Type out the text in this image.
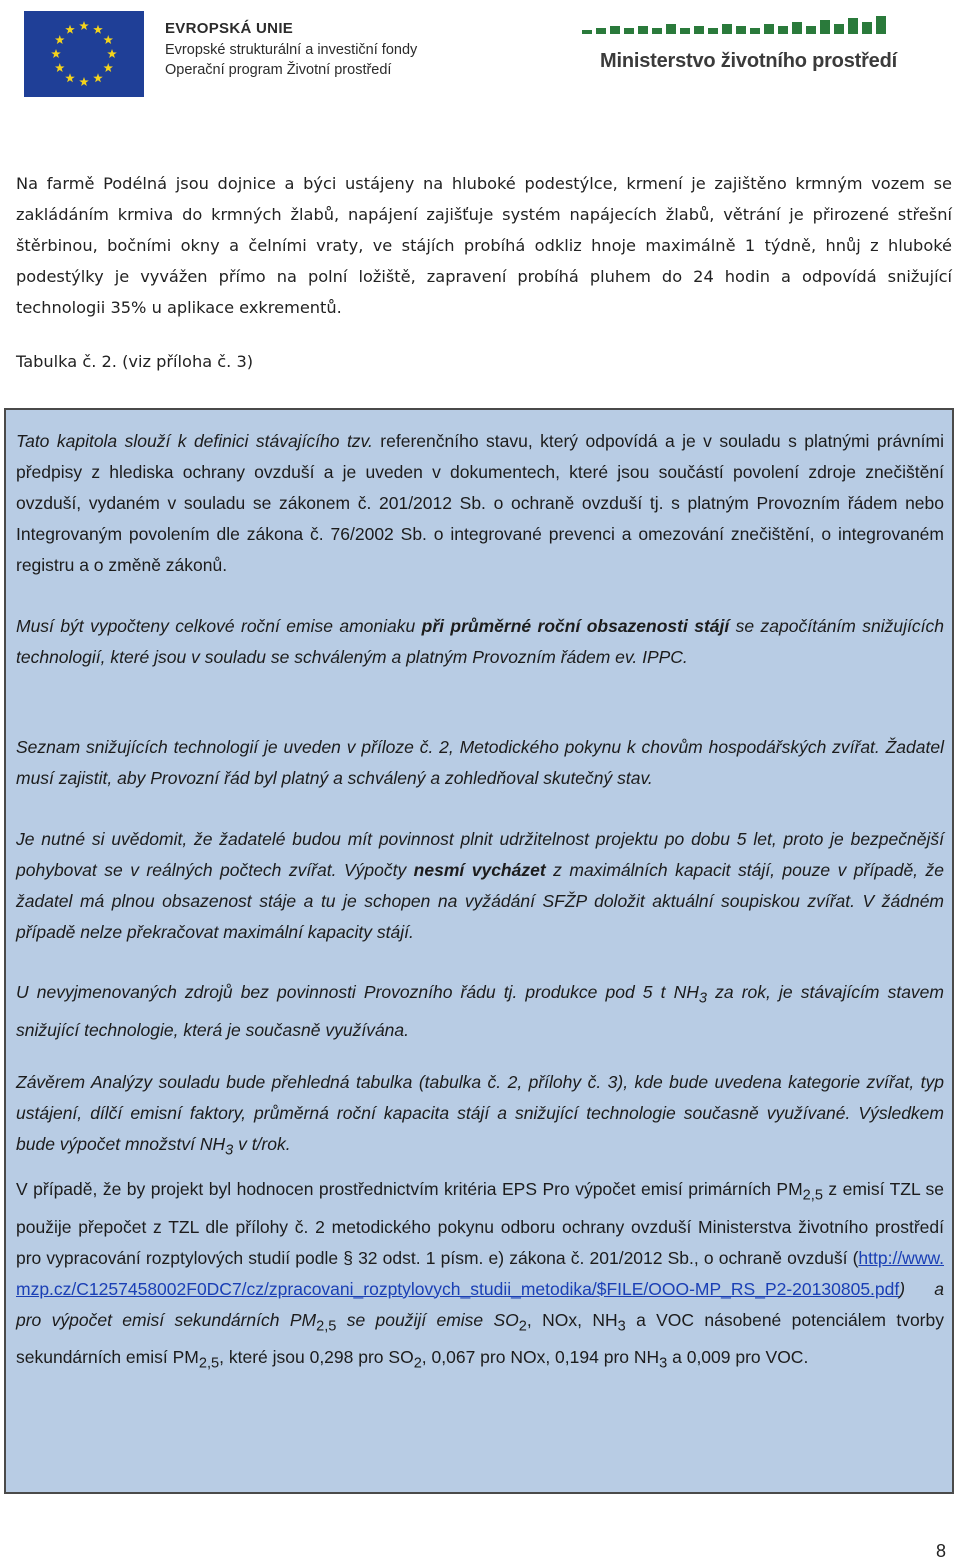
EVROPSKÁ UNIE
Evropské strukturální a investiční fondy
Operační program Životní prostředí	Ministerstvo životního prostředí

Na farmě Podélná jsou dojnice a býci ustájeny na hluboké podestýlce, krmení je zajištěno krmným vozem se zakládáním krmiva do krmných žlabů, napájení zajišťuje systém napájecích žlabů, větrání je přirozené střešní štěrbinou, bočními okny a čelními vraty, ve stájích probíhá odkliz hnoje maximálně 1 týdně, hnůj z hluboké podestýlky je vyvážen přímo na polní ložiště, zapravení probíhá pluhem do 24 hodin a odpovídá snižující technologii 35% u aplikace exkrementů.

Tabulka č. 2. (viz příloha č. 3)

Tato kapitola slouží k definici stávajícího tzv. referenčního stavu, který odpovídá a je v souladu s platnými právními předpisy z hlediska ochrany ovzduší a je uveden v dokumentech, které jsou součástí povolení zdroje znečištění ovzduší, vydaném v souladu se zákonem č. 201/2012 Sb. o ochraně ovzduší tj. s platným Provozním řádem nebo Integrovaným povolením dle zákona č. 76/2002 Sb. o integrované prevenci a omezování znečištění, o integrovaném registru a o změně zákonů.

Musí být vypočteny celkové roční emise amoniaku při průměrné roční obsazenosti stájí se započítáním snižujících technologií, které jsou v souladu se schváleným a platným Provozním řádem ev. IPPC.

Seznam snižujících technologií je uveden v příloze č. 2, Metodického pokynu k chovům hospodářských zvířat. Žadatel musí zajistit, aby Provozní řád byl platný a schválený a zohledňoval skutečný stav.

Je nutné si uvědomit, že žadatelé budou mít povinnost plnit udržitelnost projektu po dobu 5 let, proto je bezpečnější pohybovat se v reálných počtech zvířat. Výpočty nesmí vycházet z maximálních kapacit stájí, pouze v případě, že žadatel má plnou obsazenost stáje a tu je schopen na vyžádání SFŽP doložit aktuální soupiskou zvířat. V žádném případě nelze překračovat maximální kapacity stájí.

U nevyjmenovaných zdrojů bez povinnosti Provozního řádu tj. produkce pod 5 t $NH_3$ za rok, je stávajícím stavem snižující technologie, která je současně využívána.

Závěrem Analýzy souladu bude přehledná tabulka (tabulka č. 2, přílohy č. 3), kde bude uvedena kategorie zvířat, typ ustájení, dílčí emisní faktory, průměrná roční kapacita stájí a snižující technologie současně využívané. Výsledkem bude výpočet množství $NH_3$ v t/rok.

V případě, že by projekt byl hodnocen prostřednictvím kritéria EPS Pro výpočet emisí primárních $PM_{2,5}$ z emisí TZL se použije přepočet z TZL dle přílohy č. 2 metodického pokynu odboru ochrany ovzduší Ministerstva životního prostředí pro vypracování rozptylových studií podle § 32 odst. 1 písm. e) zákona č. 201/2012 Sb., o ochraně ovzduší (http://www.mzp.cz/C1257458002F0DC7/cz/zpracovani_rozptylovych_studii_metodika/$FILE/OOO-MP_RS_P2-20130805.pdf) a pro výpočet emisí sekundárních $PM_{2,5}$ se použijí emise $SO_2$, NOx, $NH_3$ a VOC násobené potenciálem tvorby sekundárních emisí $PM_{2,5}$, které jsou 0,298 pro $SO_2$, 0,067 pro NOx, 0,194 pro $NH_3$ a 0,009 pro VOC.

8
